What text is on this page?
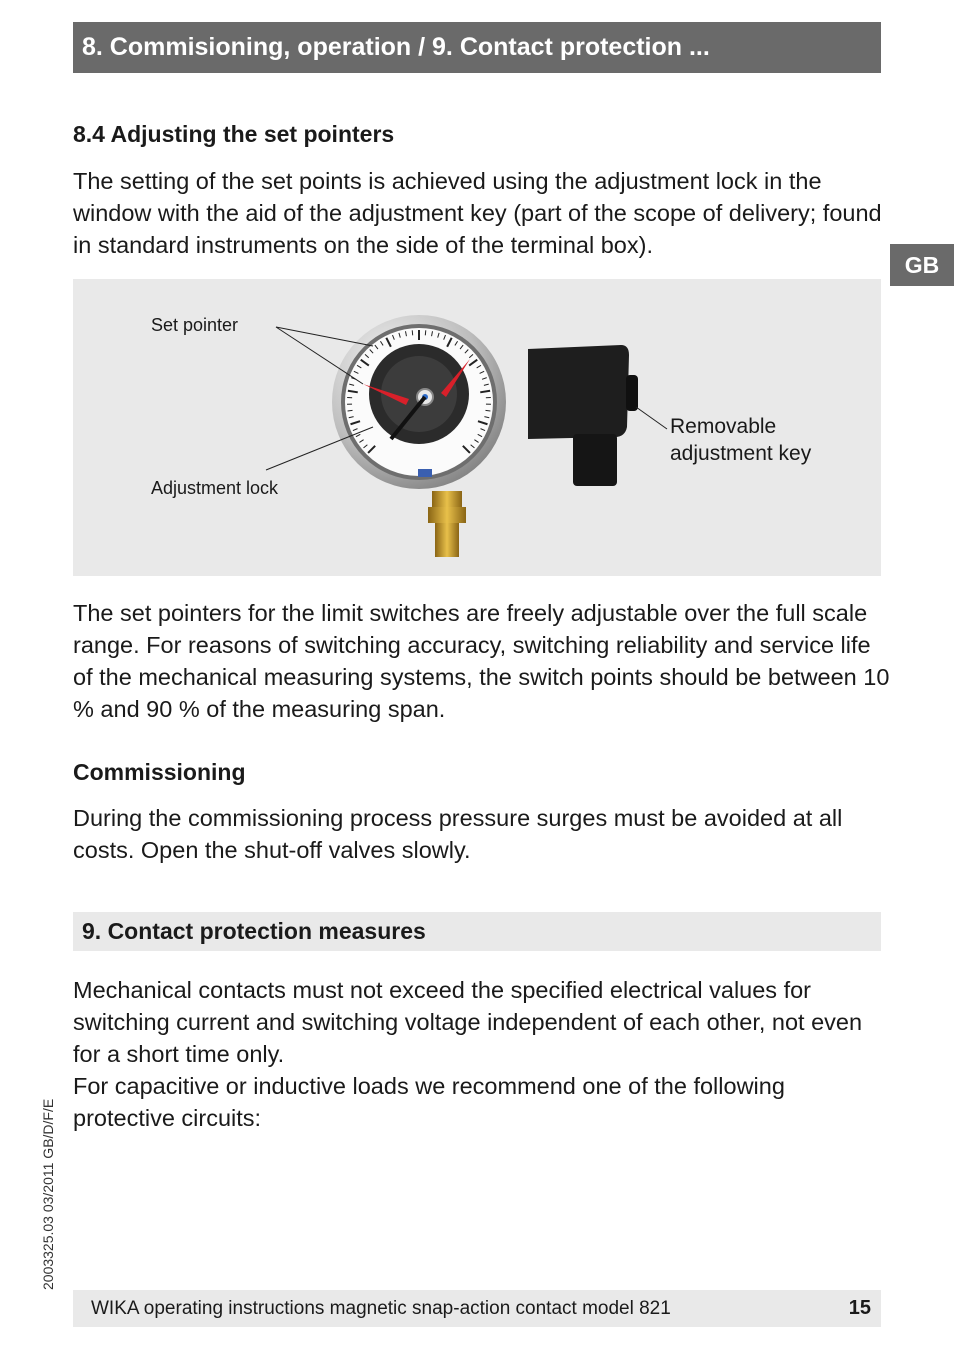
8. Commisioning, operation / 9. Contact protection ...
GB
8.4 Adjusting the set pointers

The setting of the set points is achieved using the adjustment lock in the window with the aid of the adjustment key (part of the scope of delivery; found in standard instruments on the side of the terminal box).

Set pointer
Adjustment lock
Removable adjustment key

The set pointers for the limit switches are freely adjustable over the full scale range. For reasons of switching accuracy, switching reliability and service life of the mechanical measuring systems, the switch points should be between 10 % and 90 % of the measuring span.

Commissioning

During the commissioning process pressure surges must be avoided at all costs. Open the shut-off valves slowly.

9. Contact protection measures

Mechanical contacts must not exceed the specified electrical values for switching current and switching voltage independent of each other, not even for a short time only.

For capacitive or inductive loads we recommend one of the following protective circuits:

2003325.03 03/2011 GB/D/F/E
WIKA operating instructions magnetic snap-action contact model 821	15
